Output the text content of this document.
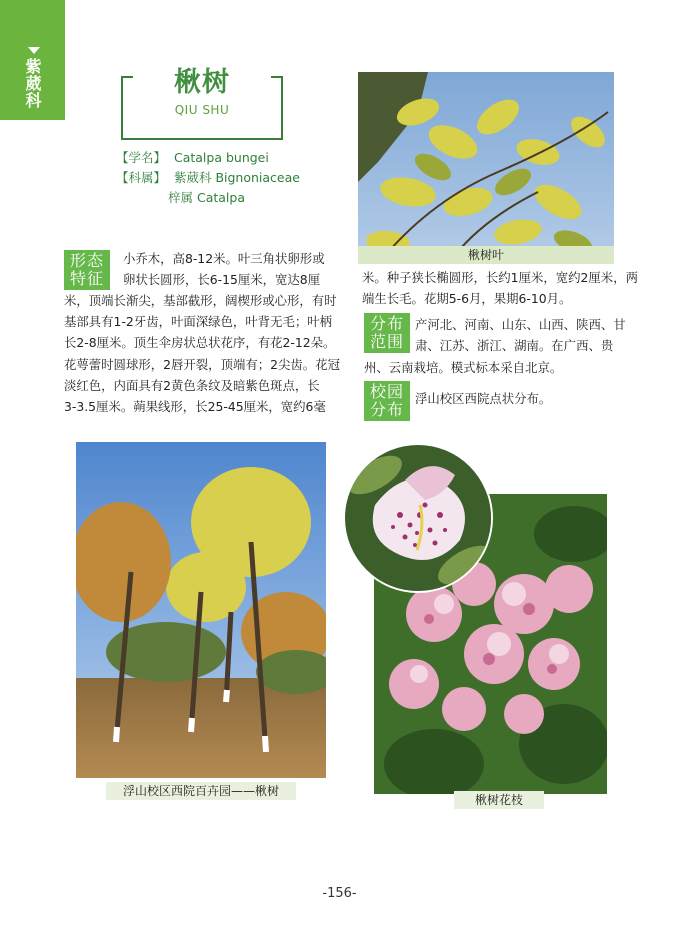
紫葳科	楸树
QIU SHU
【学名】 Catalpa bungei
【科属】 紫葳科 Bignoniaceae
梓属 Catalpa
楸树叶
形态
特征
小乔木，高8-12米。叶三角状卵形或
卵状长圆形，长6-15厘米，宽达8厘
米，顶端长渐尖，基部截形，阔楔形或心形，有时
基部具有1-2牙齿，叶面深绿色，叶背无毛；叶柄
长2-8厘米。顶生伞房状总状花序，有花2-12朵。
花萼蕾时圆球形，2唇开裂，顶端有；2尖齿。花冠
淡红色，内面具有2黄色条纹及暗紫色斑点，长
3-3.5厘米。蒴果线形，长25-45厘米，宽约6毫
米。种子狭长椭圆形，长约1厘米，宽约2厘米，两
端生长毛。花期5-6月，果期6-10月。
分布
范围
产河北、河南、山东、山西、陕西、甘
肃、江苏、浙江、湖南。在广西、贵
州、云南栽培。模式标本采自北京。
校园
分布
浮山校区西院点状分布。
浮山校区西院百卉园——楸树
楸树花枝
-156-
